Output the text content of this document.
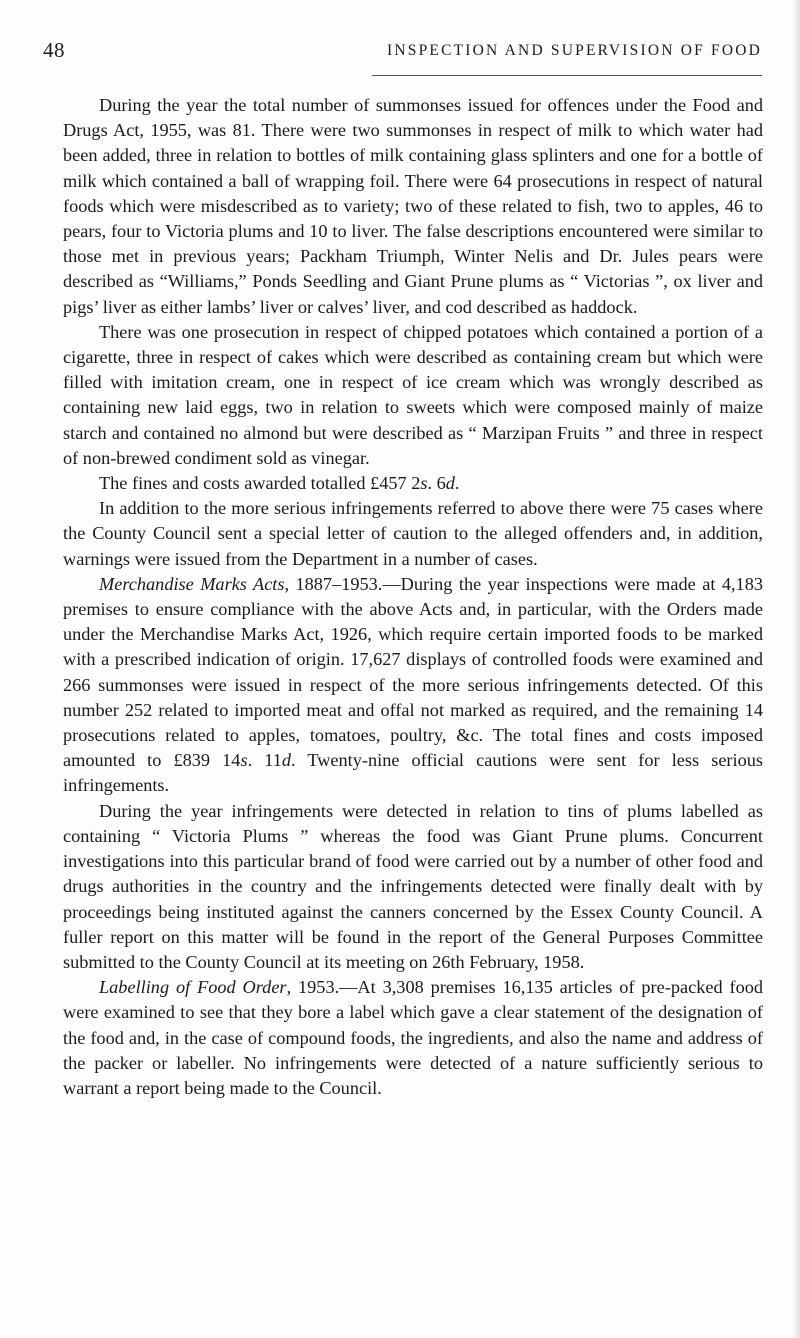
48	INSPECTION AND SUPERVISION OF FOOD

During the year the total number of summonses issued for offences under the Food and Drugs Act, 1955, was 81. There were two summonses in respect of milk to which water had been added, three in relation to bottles of milk containing glass splinters and one for a bottle of milk which contained a ball of wrapping foil. There were 64 prosecutions in respect of natural foods which were misdescribed as to variety; two of these related to fish, two to apples, 46 to pears, four to Victoria plums and 10 to liver. The false descriptions encountered were similar to those met in previous years; Packham Triumph, Winter Nelis and Dr. Jules pears were described as “Williams,” Ponds Seedling and Giant Prune plums as “ Victorias ”, ox liver and pigs’ liver as either lambs’ liver or calves’ liver, and cod described as haddock.

There was one prosecution in respect of chipped potatoes which contained a portion of a cigarette, three in respect of cakes which were described as containing cream but which were filled with imitation cream, one in respect of ice cream which was wrongly described as containing new laid eggs, two in relation to sweets which were composed mainly of maize starch and contained no almond but were described as “ Marzipan Fruits ” and three in respect of non-brewed condiment sold as vinegar.

The fines and costs awarded totalled £457 2s. 6d.

In addition to the more serious infringements referred to above there were 75 cases where the County Council sent a special letter of caution to the alleged offenders and, in addition, warnings were issued from the Department in a number of cases.

Merchandise Marks Acts, 1887–1953.—During the year inspections were made at 4,183 premises to ensure compliance with the above Acts and, in particular, with the Orders made under the Merchandise Marks Act, 1926, which require certain imported foods to be marked with a prescribed indication of origin. 17,627 displays of controlled foods were examined and 266 summonses were issued in respect of the more serious infringements detected. Of this number 252 related to imported meat and offal not marked as required, and the remaining 14 prosecutions related to apples, tomatoes, poultry, &c. The total fines and costs imposed amounted to £839 14s. 11d. Twenty-nine official cautions were sent for less serious infringements.

During the year infringements were detected in relation to tins of plums labelled as containing “ Victoria Plums ” whereas the food was Giant Prune plums. Concurrent investigations into this particular brand of food were carried out by a number of other food and drugs authorities in the country and the infringements detected were finally dealt with by proceedings being instituted against the canners concerned by the Essex County Council. A fuller report on this matter will be found in the report of the General Purposes Committee submitted to the County Council at its meeting on 26th February, 1958.

Labelling of Food Order, 1953.—At 3,308 premises 16,135 articles of pre-packed food were examined to see that they bore a label which gave a clear statement of the designation of the food and, in the case of compound foods, the ingredients, and also the name and address of the packer or labeller. No infringements were detected of a nature sufficiently serious to warrant a report being made to the Council.
